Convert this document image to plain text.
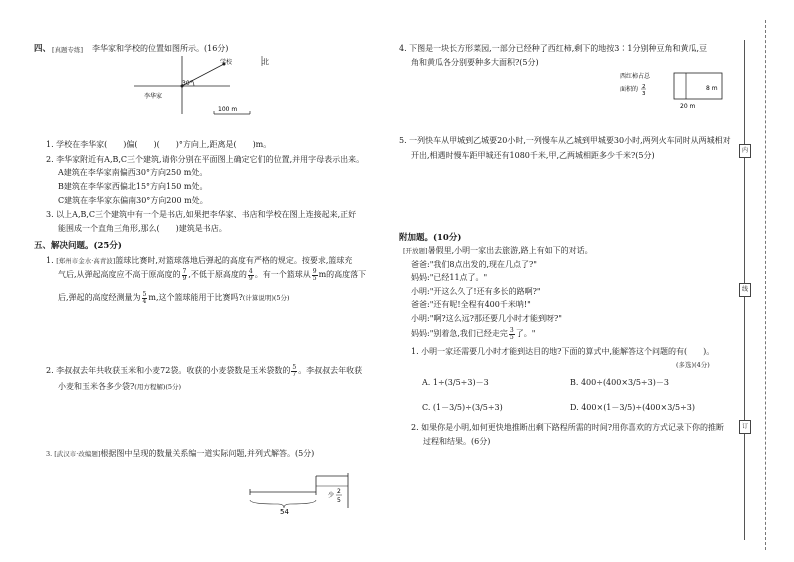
四、 [真题专练] 李华家和学校的位置如图所示。(16分)
学校
李华家
30°
北
100 m
1. 学校在李华家(　　)偏(　　)(　　)°方向上,距离是(　　)m。
2. 李华家附近有A,B,C三个建筑,请你分别在平面图上确定它们的位置,并用字母表示出来。
A建筑在李华家南偏西30°方向250 m处。
B建筑在李华家西偏北15°方向150 m处。
C建筑在李华家东偏南30°方向200 m处。
3. 以上A,B,C三个建筑中有一个是书店,如果把李华家、书店和学校在图上连接起来,正好
能围成一个直角三角形,那么(　　)建筑是书店。
五、解决问题。(25分)
1. [郑州市金水·高青波]篮球比赛时,对篮球落地后弹起的高度有严格的规定。按要求,篮球充
气后,从弹起高度应不高于原高度的 $\frac{7}{9}$ ,不低于原高度的 $\frac{4}{9}$ 。有一个篮球从 $\frac{9}{5}$ m的高度落下
后,弹起的高度经测量为 $\frac{5}{4} m$,这个篮球能用于比赛吗?(计算说明)(5分)
2. 李叔叔去年共收获玉米和小麦72袋。收获的小麦袋数是玉米袋数的 $\frac{5}{7}$ 。李叔叔去年收获
小麦和玉米各多少袋?(用方程解)(5分)
3. [武汉市·改编题]根据图中呈现的数量关系编一道实际问题,并列式解答。(5分)
54
少
2
5
4. 下图是一块长方形菜园,一部分已经种了西红柿,剩下的地按3∶1分别种豆角和黄瓜,豆
角和黄瓜各分别要种多大面积?(5分)
西红柿占总
面积的 2
3
20 m
8 m
5. 一列快车从甲城到乙城要20小时,一列慢车从乙城到甲城要30小时,两列火车同时从两城相对
开出,相遇时慢车距甲城还有1080千米,甲,乙两城相距多少千米?(5分)
附加题。(10分)
[开放题]暑假里,小明一家出去旅游,路上有如下的对话。
爸爸:"我们8点出发的,现在几点了?"
妈妈:"已经11点了。"
小明:"开这么久了!还有多长的路啊?"
爸爸:"还有呢!全程有400千米呐!"
小明:"啊?这么远?那还要几小时才能到呀?"
妈妈:"别着急,我们已经走完 $\frac{3}{5}$ 了。"
1. 小明一家还需要几小时才能到达目的地?下面的算式中,能解答这个问题的有(　　)。
(多选)(4分)
A. 1÷(3/5÷3)－3	B. 400÷(400×3/5÷3)－3
C. (1－3/5)÷(3/5÷3)	D. 400×(1－3/5)÷(400×3/5÷3)
2. 如果你是小明,如何更快地推断出剩下路程所需的时间?用你喜欢的方式记录下你的推断
过程和结果。(6分)
内
线
订
